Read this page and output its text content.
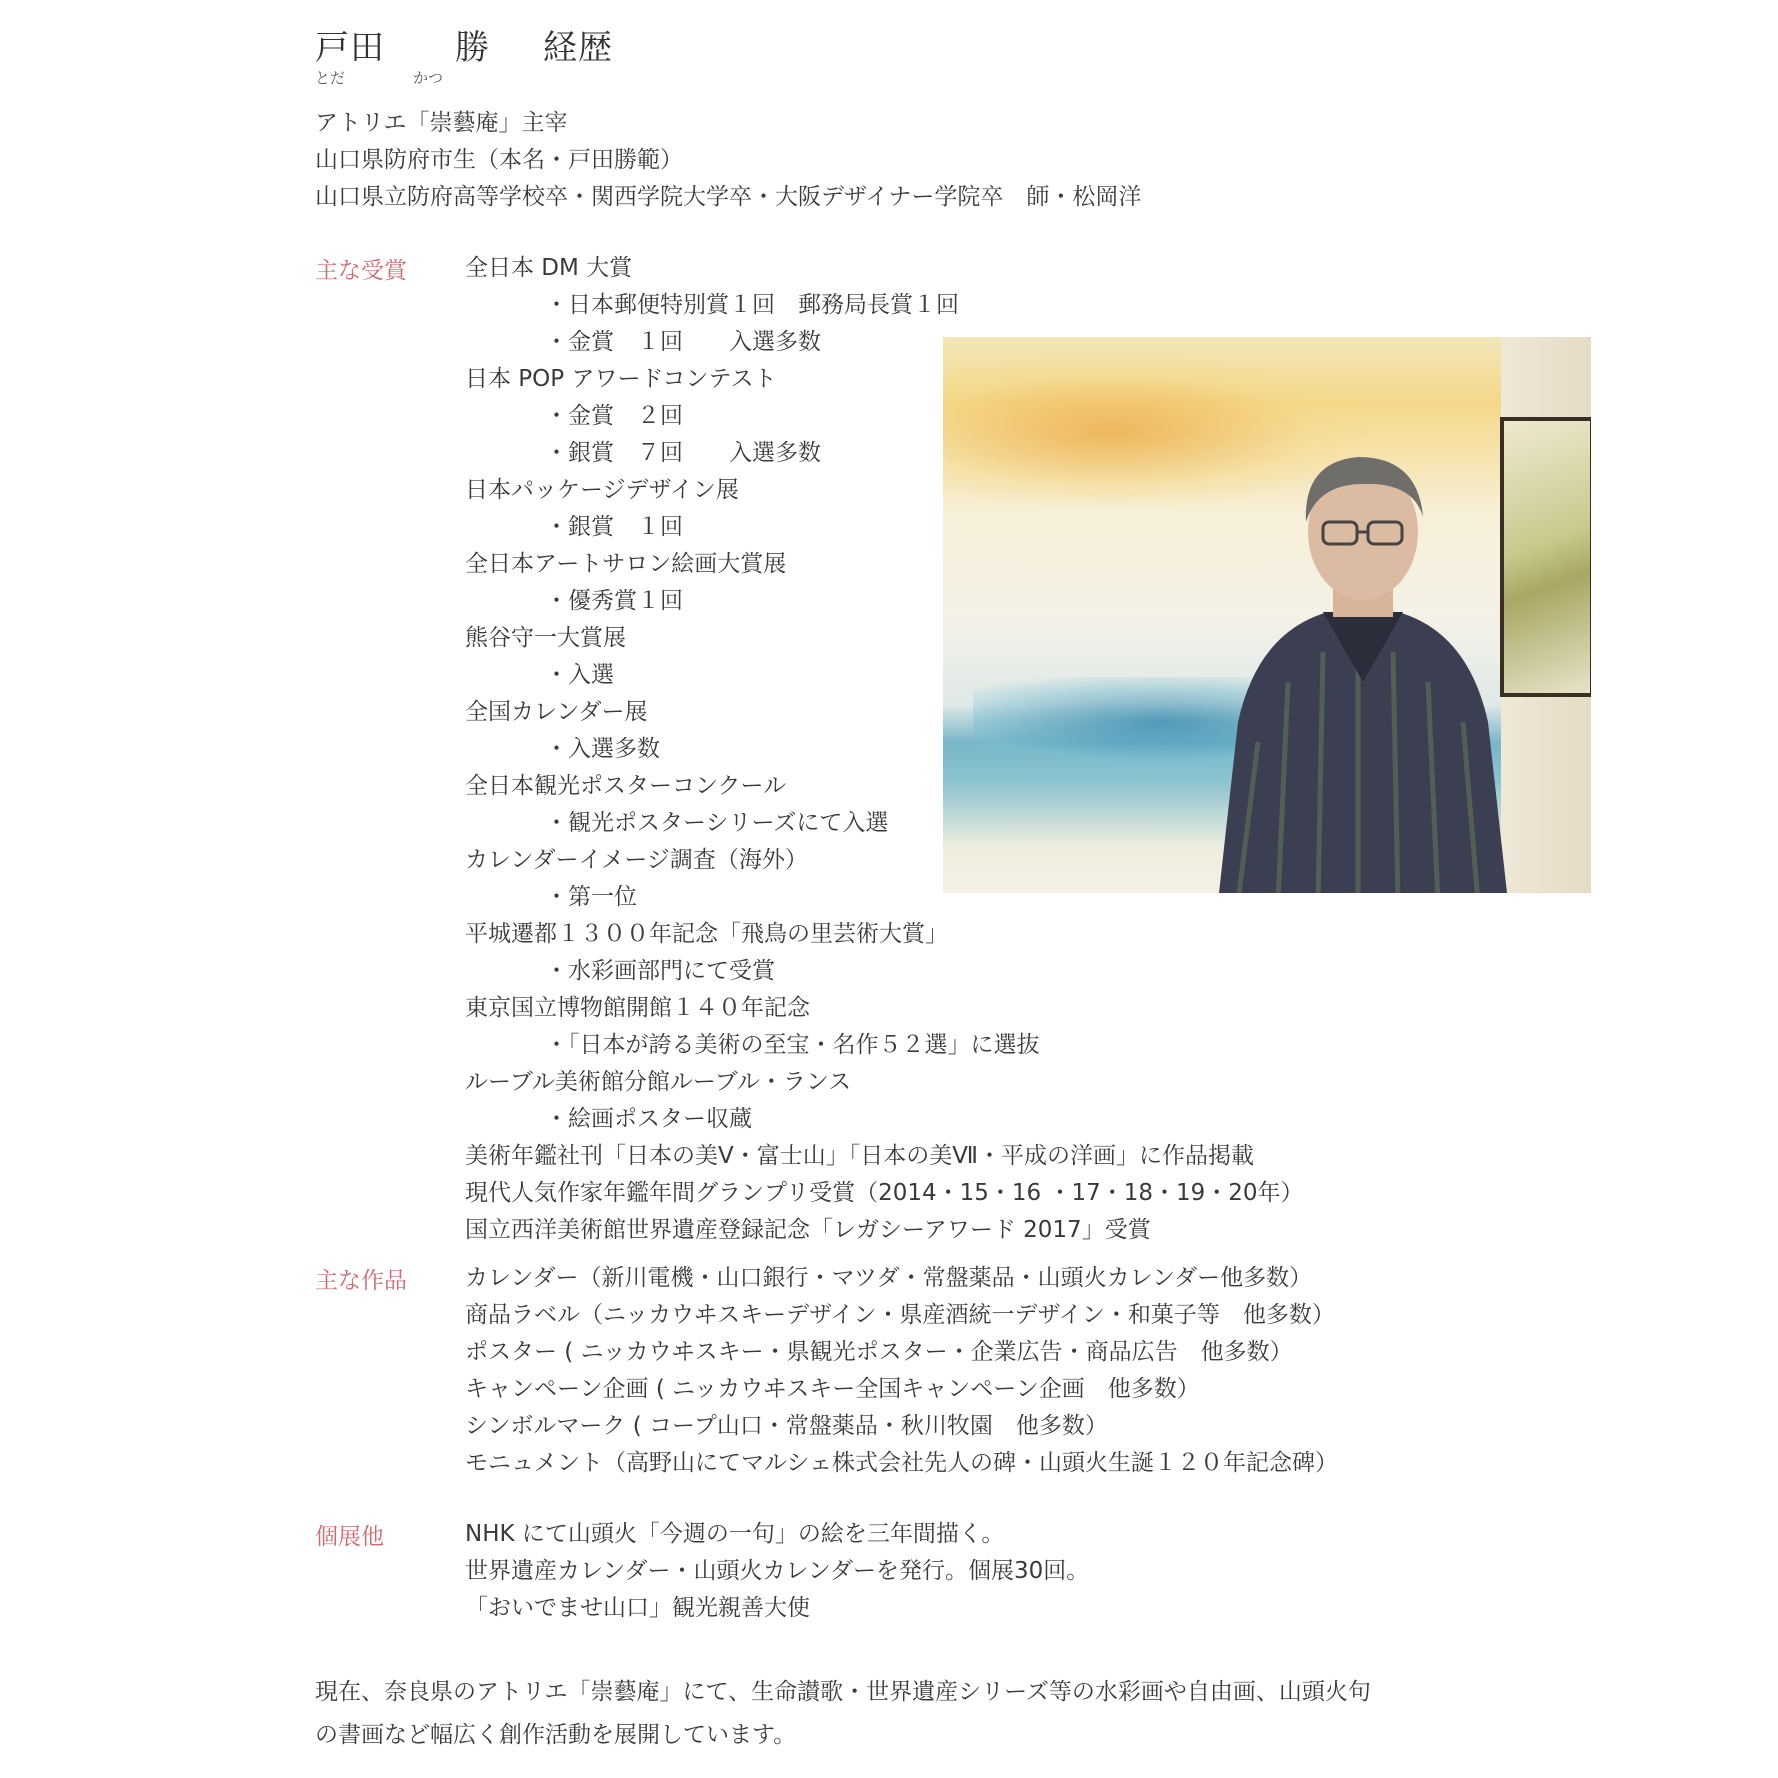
戸田 勝 経歴
とだ	かつ
アトリエ「崇藝庵」主宰
山口県防府市生（本名・戸田勝範）
山口県立防府高等学校卒・関西学院大学卒・大阪デザイナー学院卒　師・松岡洋
主な受賞	全日本 DM 大賞
・日本郵便特別賞１回　郵務局長賞１回
・金賞　１回　　入選多数
日本 POP アワードコンテスト
・金賞　２回
・銀賞　７回　　入選多数
日本パッケージデザイン展
・銀賞　１回
全日本アートサロン絵画大賞展
・優秀賞１回
熊谷守一大賞展
・入選
全国カレンダー展
・入選多数
全日本観光ポスターコンクール
・観光ポスターシリーズにて入選
カレンダーイメージ調査（海外）
・第一位
平城遷都１３００年記念「飛鳥の里芸術大賞」
・水彩画部門にて受賞
東京国立博物館開館１４０年記念
・「日本が誇る美術の至宝・名作５２選」に選抜
ルーブル美術館分館ルーブル・ランス
・絵画ポスター収蔵
美術年鑑社刊「日本の美Ⅴ・富士山」「日本の美Ⅶ・平成の洋画」に作品掲載
現代人気作家年鑑年間グランプリ受賞（2014・15・16 ・17・18・19・20年）
国立西洋美術館世界遺産登録記念「レガシーアワード 2017」受賞
主な作品	カレンダー（新川電機・山口銀行・マツダ・常盤薬品・山頭火カレンダー他多数）
商品ラベル（ニッカウヰスキーデザイン・県産酒統一デザイン・和菓子等　他多数）
ポスター ( ニッカウヰスキー・県観光ポスター・企業広告・商品広告　他多数）
キャンペーン企画 ( ニッカウヰスキー全国キャンペーン企画　他多数）
シンボルマーク ( コープ山口・常盤薬品・秋川牧園　他多数）
モニュメント（高野山にてマルシェ株式会社先人の碑・山頭火生誕１２０年記念碑）
個展他	NHK にて山頭火「今週の一句」の絵を三年間描く。
世界遺産カレンダー・山頭火カレンダーを発行。個展30回。
「おいでませ山口」観光親善大使
現在、奈良県のアトリエ「崇藝庵」にて、生命讃歌・世界遺産シリーズ等の水彩画や自由画、山頭火句
の書画など幅広く創作活動を展開しています。
